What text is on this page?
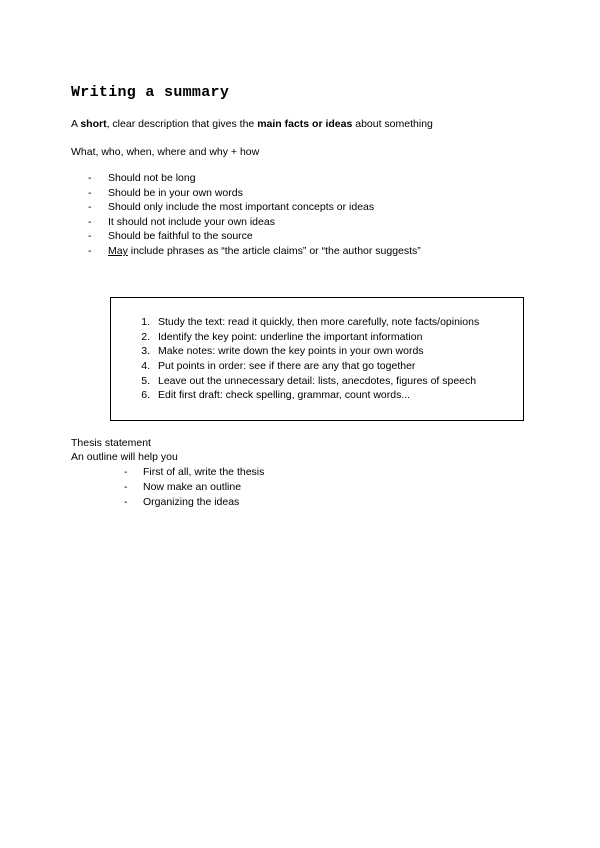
Writing a summary
A short, clear description that gives the main facts or ideas about something
What, who, when, where and why + how
- Should not be long
- Should be in your own words
- Should only include the most important concepts or ideas
- It should not include your own ideas
- Should be faithful to the source
- May include phrases as “the article claims” or “the author suggests”
1. Study the text: read it quickly, then more carefully, note facts/opinions
2. Identify the key point: underline the important information
3. Make notes: write down the key points in your own words
4. Put points in order: see if there are any that go together
5. Leave out the unnecessary detail: lists, anecdotes, figures of speech
6. Edit first draft: check spelling, grammar, count words...
Thesis statement
An outline will help you
- First of all, write the thesis
- Now make an outline
- Organizing the ideas
